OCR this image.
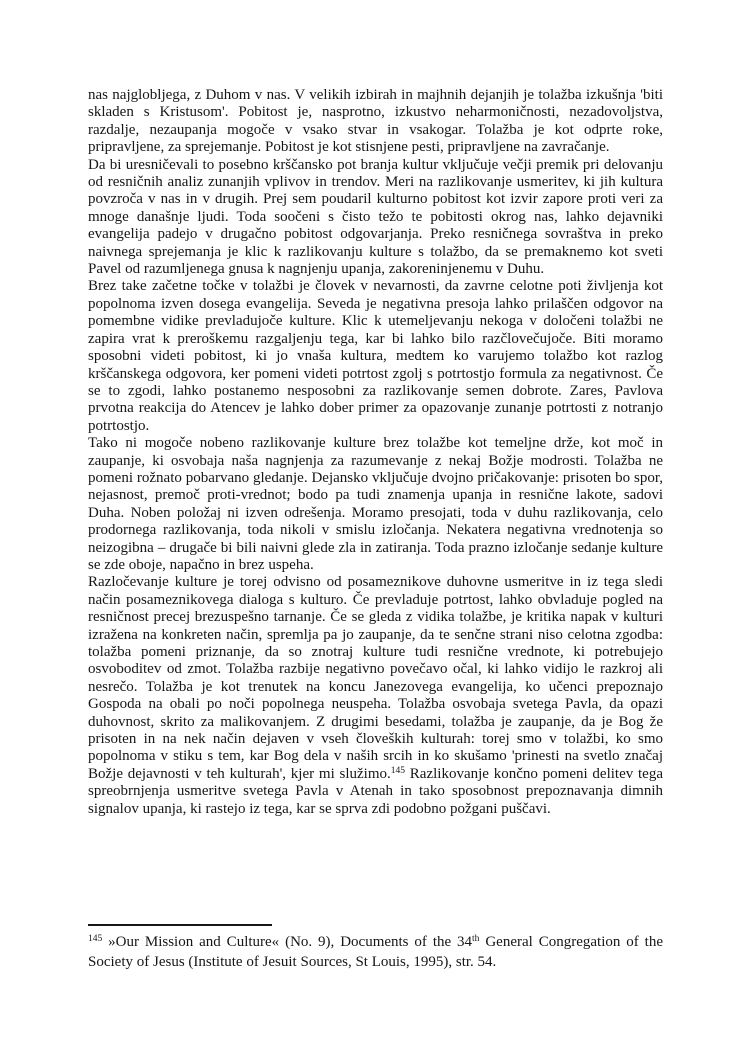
nas najglobljega, z Duhom v nas. V velikih izbirah in majhnih dejanjih je tolažba izkušnja 'biti skladen s Kristusom'. Pobitost je, nasprotno, izkustvo neharmoničnosti, nezadovoljstva, razdalje, nezaupanja mogoče v vsako stvar in vsakogar. Tolažba je kot odprte roke, pripravljene, za sprejemanje. Pobitost je kot stisnjene pesti, pripravljene na zavračanje.

Da bi uresničevali to posebno krščansko pot branja kultur vključuje večji premik pri delovanju od resničnih analiz zunanjih vplivov in trendov. Meri na razlikovanje usmeritev, ki jih kultura povzroča v nas in v drugih. Prej sem poudaril kulturno pobitost kot izvir zapore proti veri za mnoge današnje ljudi. Toda soočeni s čisto težo te pobitosti okrog nas, lahko dejavniki evangelija padejo v drugačno pobitost odgovarjanja. Preko resničnega sovraštva in preko naivnega sprejemanja je klic k razlikovanju kulture s tolažbo, da se premaknemo kot sveti Pavel od razumljenega gnusa k nagnjenju upanja, zakoreninjenemu v Duhu.

Brez take začetne točke v tolažbi je človek v nevarnosti, da zavrne celotne poti življenja kot popolnoma izven dosega evangelija. Seveda je negativna presoja lahko prilaščen odgovor na pomembne vidike prevladujoče kulture. Klic k utemeljevanju nekoga v določeni tolažbi ne zapira vrat k preroškemu razgaljenju tega, kar bi lahko bilo razčlovečujoče. Biti moramo sposobni videti pobitost, ki jo vnaša kultura, medtem ko varujemo tolažbo kot razlog krščanskega odgovora, ker pomeni videti potrtost zgolj s potrtostjo formula za negativnost. Če se to zgodi, lahko postanemo nesposobni za razlikovanje semen dobrote. Zares, Pavlova prvotna reakcija do Atencev je lahko dober primer za opazovanje zunanje potrtosti z notranjo potrtostjo.

Tako ni mogoče nobeno razlikovanje kulture brez tolažbe kot temeljne drže, kot moč in zaupanje, ki osvobaja naša nagnjenja za razumevanje z nekaj Božje modrosti. Tolažba ne pomeni rožnato pobarvano gledanje. Dejansko vključuje dvojno pričakovanje: prisoten bo spor, nejasnost, premoč proti-vrednot; bodo pa tudi znamenja upanja in resnične lakote, sadovi Duha. Noben položaj ni izven odrešenja. Moramo presojati, toda v duhu razlikovanja, celo prodornega razlikovanja, toda nikoli v smislu izločanja. Nekatera negativna vrednotenja so neizogibna – drugače bi bili naivni glede zla in zatiranja. Toda prazno izločanje sedanje kulture se zde oboje, napačno in brez uspeha.

Razločevanje kulture je torej odvisno od posameznikove duhovne usmeritve in iz tega sledi način posameznikovega dialoga s kulturo. Če prevladuje potrtost, lahko obvladuje pogled na resničnost precej brezuspešno tarnanje. Če se gleda z vidika tolažbe, je kritika napak v kulturi izražena na konkreten način, spremlja pa jo zaupanje, da te senčne strani niso celotna zgodba: tolažba pomeni priznanje, da so znotraj kulture tudi resnične vrednote, ki potrebujejo osvoboditev od zmot. Tolažba razbije negativno povečavo očal, ki lahko vidijo le razkroj ali nesrečo. Tolažba je kot trenutek na koncu Janezovega evangelija, ko učenci prepoznajo Gospoda na obali po noči popolnega neuspeha. Tolažba osvobaja svetega Pavla, da opazi duhovnost, skrito za malikovanjem. Z drugimi besedami, tolažba je zaupanje, da je Bog že prisoten in na nek način dejaven v vseh človeških kulturah: torej smo v tolažbi, ko smo popolnoma v stiku s tem, kar Bog dela v naših srcih in ko skušamo 'prinesti na svetlo značaj Božje dejavnosti v teh kulturah', kjer mi služimo.$^{145}$ Razlikovanje končno pomeni delitev tega spreobrnjenja usmeritve svetega Pavla v Atenah in tako sposobnost prepoznavanja dimnih signalov upanja, ki rastejo iz tega, kar se sprva zdi podobno požgani puščavi.

$^{145}$ »Our Mission and Culture« (No. 9), Documents of the 34th General Congregation of the Society of Jesus (Institute of Jesuit Sources, St Louis, 1995), str. 54.
